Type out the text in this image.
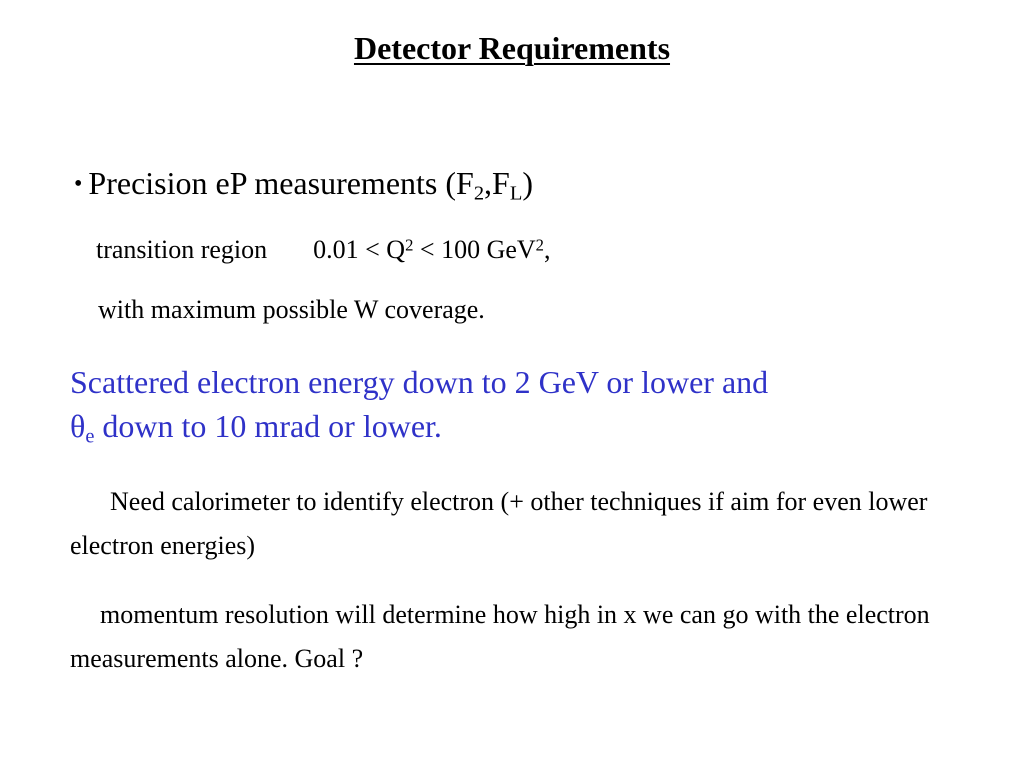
Detector Requirements
• Precision eP measurements $(F_2,F_L)$
transition region $0.01 < Q^2 < 100$ GeV$^2$,
with maximum possible W coverage.
Scattered electron energy down to 2 GeV or lower and
$\theta_e$ down to 10 mrad or lower.
Need calorimeter to identify electron (+ other techniques if aim for even lower electron energies)
momentum resolution will determine how high in x we can go with the electron measurements alone. Goal ?
